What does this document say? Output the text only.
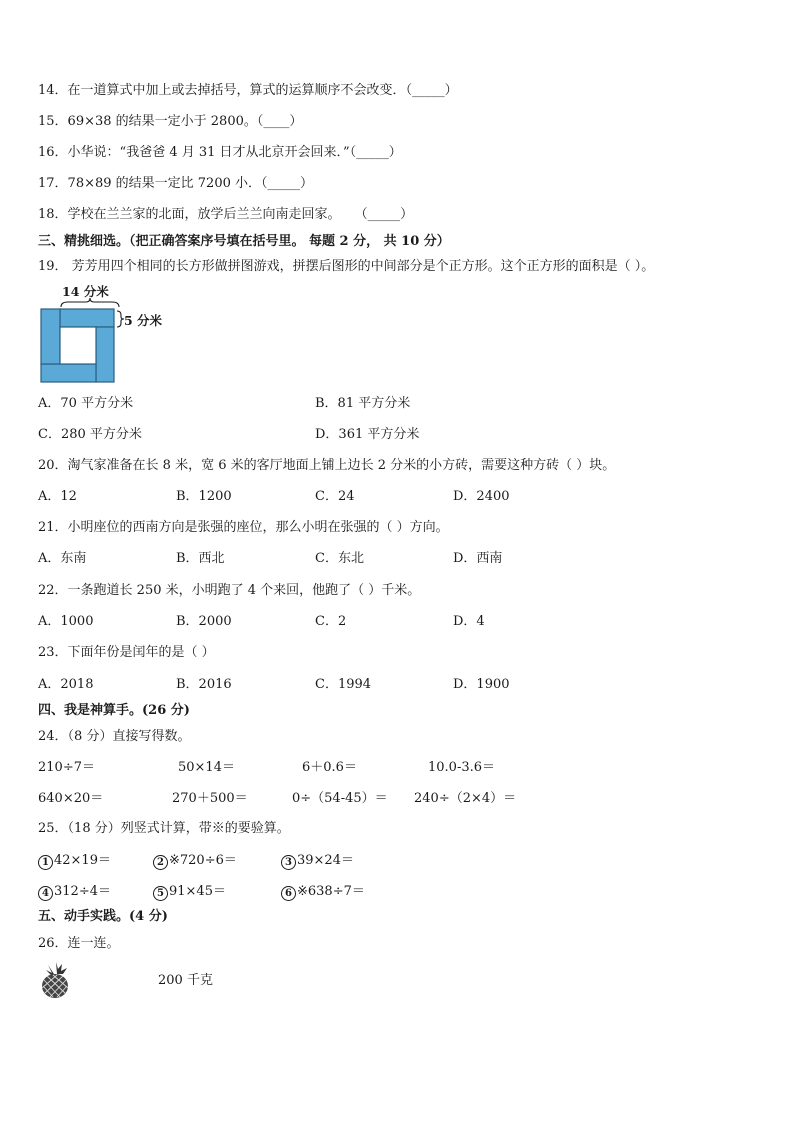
14．在一道算式中加上或去掉括号，算式的运算顺序不会改变．（_____）
15．69×38 的结果一定小于 2800。（____）
16．小华说：“我爸爸 4 月 31 日才从北京开会回来．”（_____）
17．78×89 的结果一定比 7200 小．（_____）
18．学校在兰兰家的北面，放学后兰兰向南走回家。 （_____）
三、精挑细选。（把正确答案序号填在括号里。 每题 2 分， 共 10 分）
19． 芳芳用四个相同的长方形做拼图游戏，拼摆后图形的中间部分是个正方形。这个正方形的面积是（ ）。
14 分米
5 分米
A．70 平方分米	B．81 平方分米
C．280 平方分米	D．361 平方分米
20．淘气家准备在长 8 米，宽 6 米的客厅地面上铺上边长 2 分米的小方砖，需要这种方砖（ ）块。
A．12	B．1200	C．24	D．2400
21．小明座位的西南方向是张强的座位，那么小明在张强的（ ）方向。
A．东南	B．西北	C．东北	D．西南
22．一条跑道长 250 米，小明跑了 4 个来回，他跑了（ ）千米。
A．1000	B．2000	C．2	D．4
23．下面年份是闰年的是（ ）
A．2018	B．2016	C．1994	D．1900
四、我是神算手。(26 分)
24．（8 分）直接写得数。
210÷7＝	50×14＝	6＋0.6＝	10.0-3.6＝
640×20＝	270＋500＝	0÷（54-45）＝ 240÷（2×4）＝
25．（18 分）列竖式计算，带※的要验算。
1 42×19＝	2 ※720÷6＝	3 39×24＝
4 312÷4＝	5 91×45＝	6 ※638÷7＝
五、动手实践。(4 分)
26．连一连。
200 千克
